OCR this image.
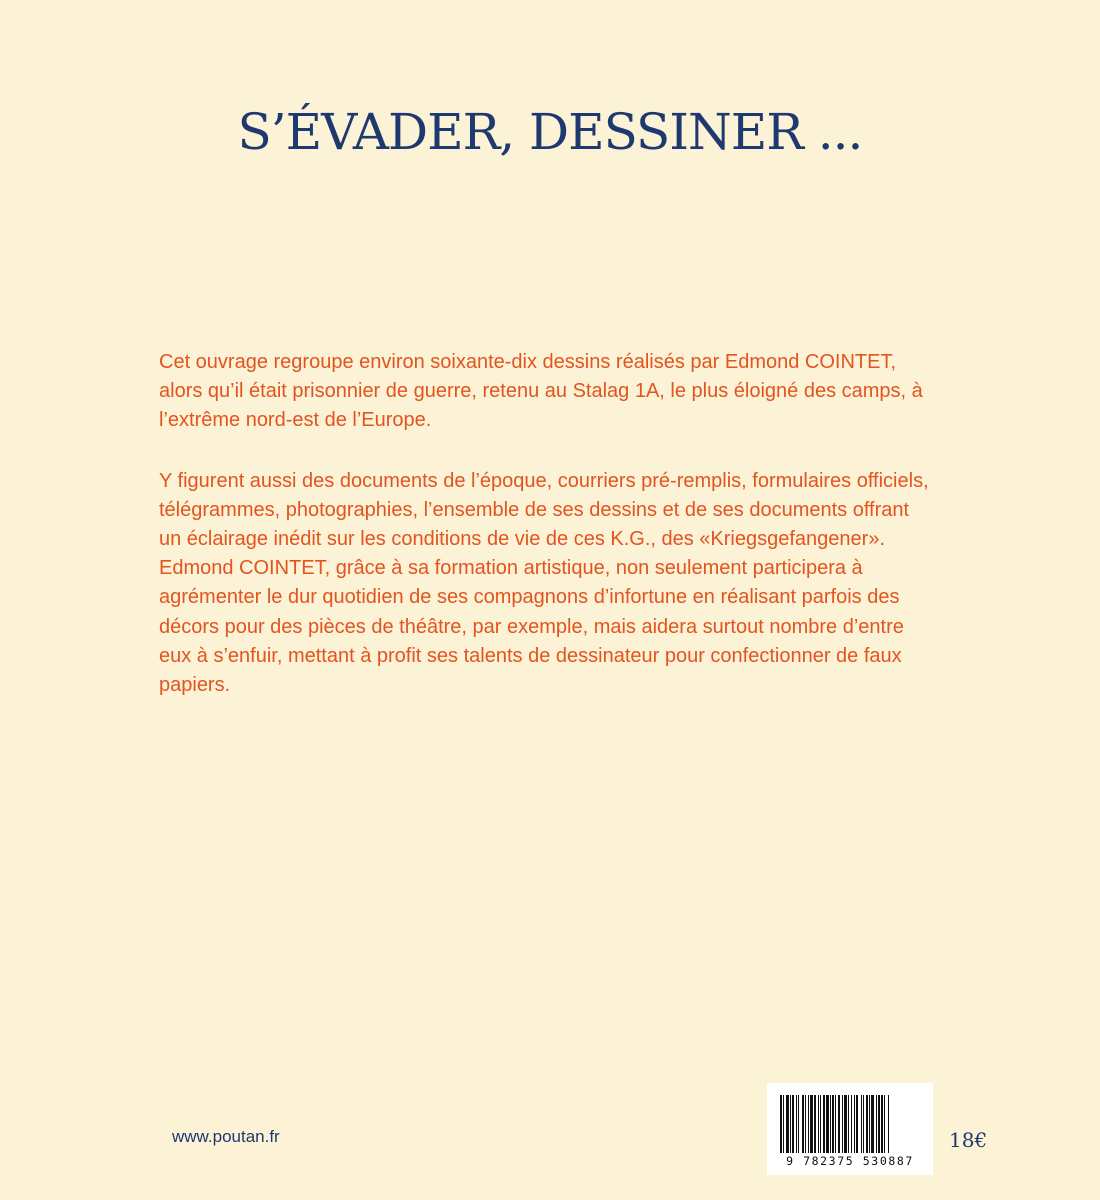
S’ÉVADER, DESSINER ...

Cet ouvrage regroupe environ soixante-dix dessins réalisés par Edmond COINTET,
alors qu’il était prisonnier de guerre, retenu au Stalag 1A, le plus éloigné des camps, à
l’extrême nord-est de l’Europe.

Y figurent aussi des documents de l’époque, courriers pré-remplis, formulaires officiels,
télégrammes, photographies, l’ensemble de ses dessins et de ses documents offrant
un éclairage inédit sur les conditions de vie de ces K.G., des «Kriegsgefangener».
Edmond COINTET, grâce à sa formation artistique, non seulement participera à
agrémenter le dur quotidien de ses compagnons d’infortune en réalisant parfois des
décors pour des pièces de théâtre, par exemple, mais aidera surtout nombre d’entre
eux à s’enfuir, mettant à profit ses talents de dessinateur pour confectionner de faux
papiers.

www.poutan.fr
9 782375 530887
18€
